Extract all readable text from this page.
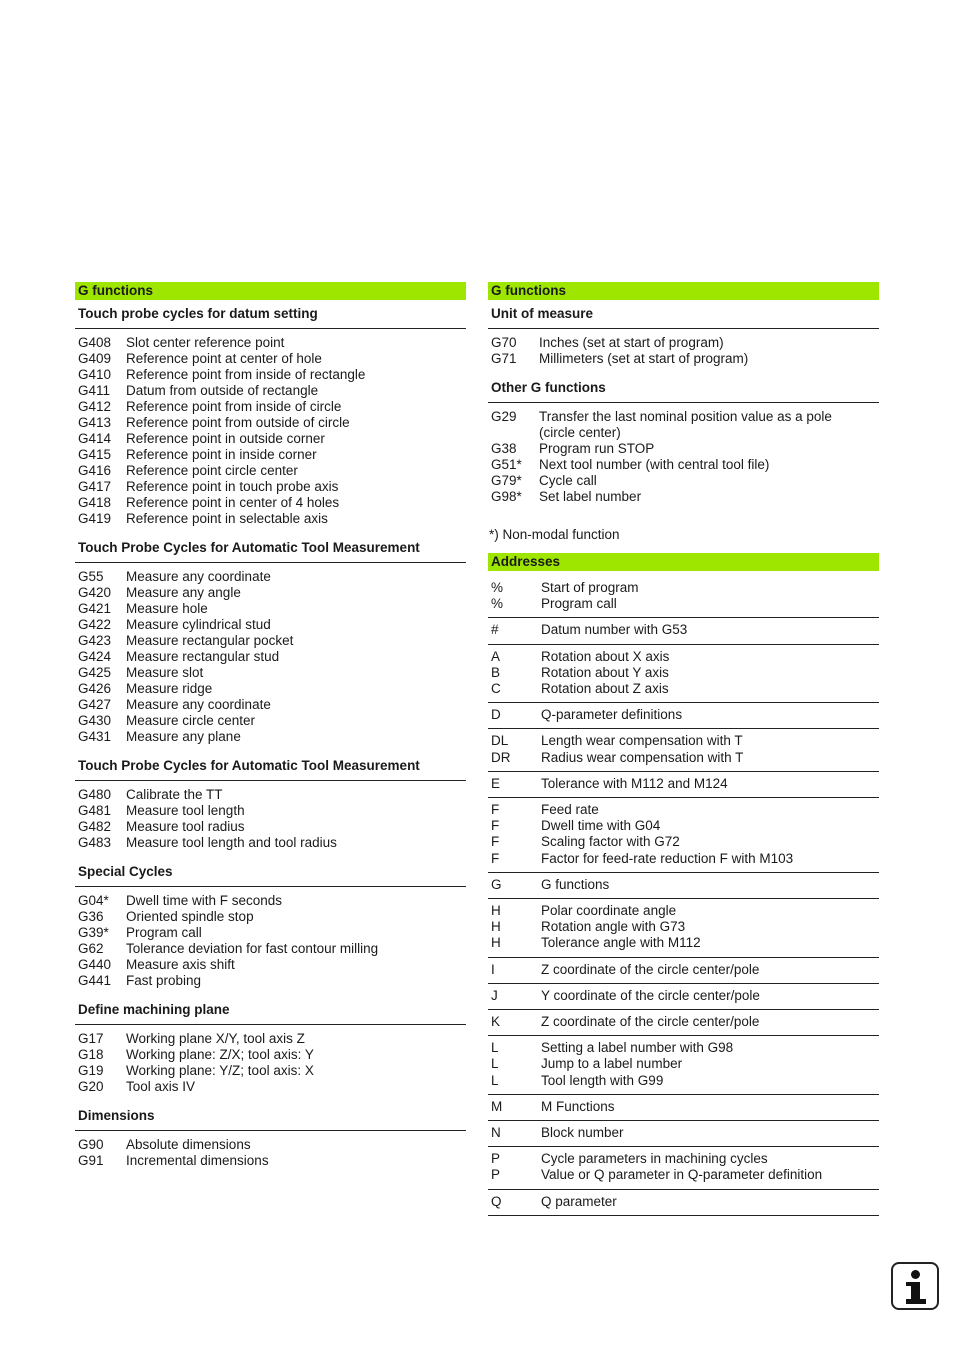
G functions
Touch probe cycles for datum setting
G408	Slot center reference point
G409	Reference point at center of hole
G410	Reference point from inside of rectangle
G411	Datum from outside of rectangle
G412	Reference point from inside of circle
G413	Reference point from outside of circle
G414	Reference point in outside corner
G415	Reference point in inside corner
G416	Reference point circle center
G417	Reference point in touch probe axis
G418	Reference point in center of 4 holes
G419	Reference point in selectable axis
Touch Probe Cycles for Automatic Tool Measurement
G55	Measure any coordinate
G420	Measure any angle
G421	Measure hole
G422	Measure cylindrical stud
G423	Measure rectangular pocket
G424	Measure rectangular stud
G425	Measure slot
G426	Measure ridge
G427	Measure any coordinate
G430	Measure circle center
G431	Measure any plane
Touch Probe Cycles for Automatic Tool Measurement
G480	Calibrate the TT
G481	Measure tool length
G482	Measure tool radius
G483	Measure tool length and tool radius
Special Cycles
G04*	Dwell time with F seconds
G36	Oriented spindle stop
G39*	Program call
G62	Tolerance deviation for fast contour milling
G440	Measure axis shift
G441	Fast probing
Define machining plane
G17	Working plane X/Y, tool axis Z
G18	Working plane: Z/X; tool axis: Y
G19	Working plane: Y/Z; tool axis: X
G20	Tool axis IV
Dimensions
G90	Absolute dimensions
G91	Incremental dimensions
G functions
Unit of measure
G70	Inches (set at start of program)
G71	Millimeters (set at start of program)
Other G functions
G29	Transfer the last nominal position value as a pole
(circle center)
G38	Program run STOP
G51*	Next tool number (with central tool file)
G79*	Cycle call
G98*	Set label number
*) Non-modal function
Addresses
%	Start of program
%	Program call
#	Datum number with G53
A	Rotation about X axis
B	Rotation about Y axis
C	Rotation about Z axis
D	Q-parameter definitions
DL	Length wear compensation with T
DR	Radius wear compensation with T
E	Tolerance with M112 and M124
F	Feed rate
F	Dwell time with G04
F	Scaling factor with G72
F	Factor for feed-rate reduction F with M103
G	G functions
H	Polar coordinate angle
H	Rotation angle with G73
H	Tolerance angle with M112
I	Z coordinate of the circle center/pole
J	Y coordinate of the circle center/pole
K	Z coordinate of the circle center/pole
L	Setting a label number with G98
L	Jump to a label number
L	Tool length with G99
M	M Functions
N	Block number
P	Cycle parameters in machining cycles
P	Value or Q parameter in Q-parameter definition
Q	Q parameter
